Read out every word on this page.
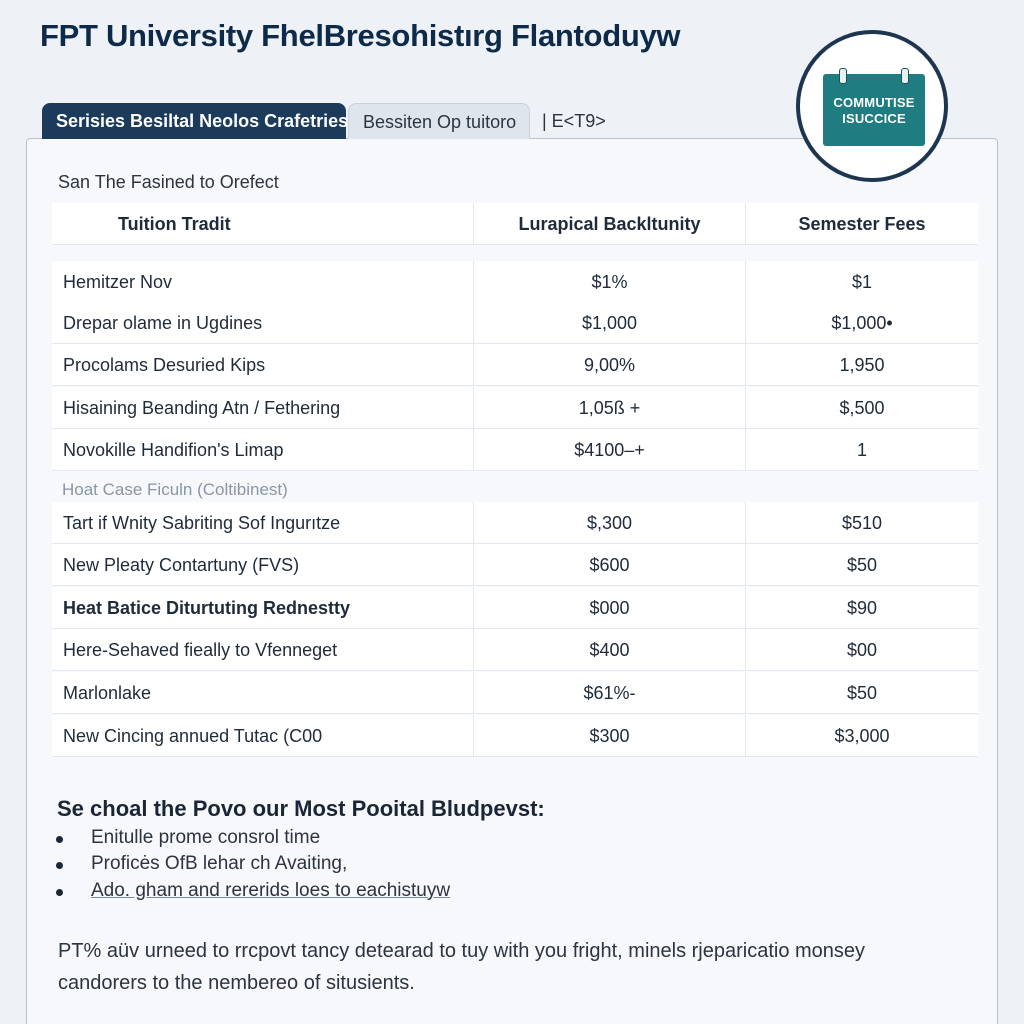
FPT University FhelBresohistırg Flantoduyw
Serisies Besiltal Neolos Crafetries Bessiten Op tuitoro	| E<T9>
COMMUTISE
ISUCCICE
San The Fasined to Orefect
Tuition Tradit	Lurapical Backltunity	Semester Fees
Hemitzer Nov	$1%	$1
Drepar olame in Ugdines	$1,000	$1,000•
Procolams Desuried Kips	9,00%	1,950
Hisaining Beanding Atn / Fethering	1,05ß +	$,500
Novokille Handifion's Limap	$4100–+	1
Hoat Case Ficuln (Coltibinest)
Tart if Wnity Sabriting Sof Ingurıtze	$,300	$510
New Pleaty Contartuny (FVS)	$600	$50
Heat Batice Diturtuting Rednestty	$000	$90
Here-Sehaved fieally to Vfenneget	$400	$00
Marlonlake	$61%-	$50
New Cincing annued Tutac (C00	$300	$3,000
Se choal the Povo our Most Pooital Bludpevst:
Enitulle prome consrol time
Proficės OfB lehar ch Avaiting,
Ado. gham and rererids loes to eachistuyw
PT% aüv urneed to rrcpovt tancy detearad to tuy with you fright, minels rjeparicatio monsey
candorers to the nembereo of situsients.
